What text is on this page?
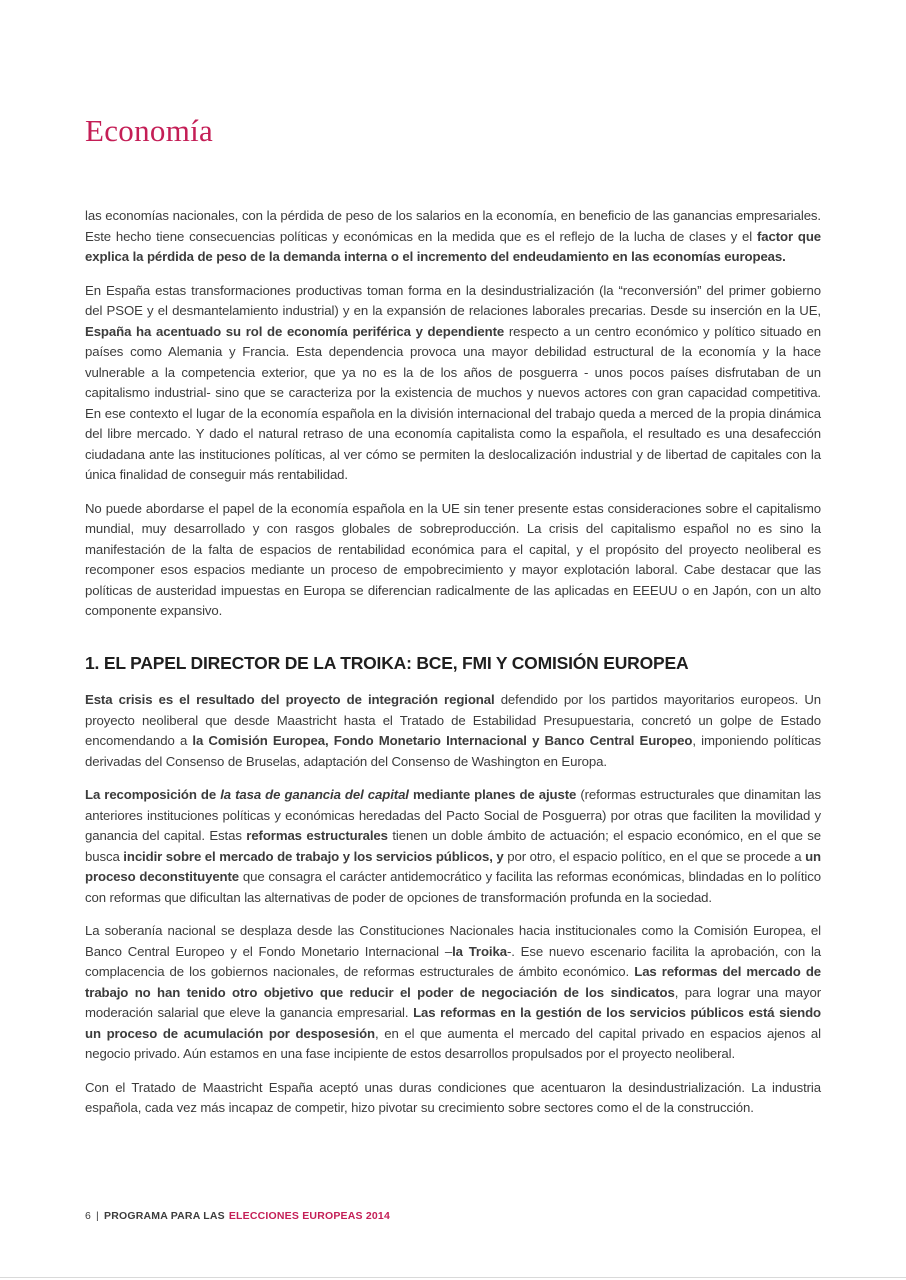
Economía

las economías nacionales, con la pérdida de peso de los salarios en la economía, en beneficio de las ganancias empresariales. Este hecho tiene consecuencias políticas y económicas en la medida que es el reflejo de la lucha de clases y el factor que explica la pérdida de peso de la demanda interna o el incremento del endeudamiento en las economías europeas.

En España estas transformaciones productivas toman forma en la desindustrialización (la “reconversión” del primer gobierno del PSOE y el desmantelamiento industrial) y en la expansión de relaciones laborales precarias. Desde su inserción en la UE, España ha acentuado su rol de economía periférica y dependiente respecto a un centro económico y político situado en países como Alemania y Francia. Esta dependencia provoca una mayor debilidad estructural de la economía y la hace vulnerable a la competencia exterior, que ya no es la de los años de posguerra - unos pocos países disfrutaban de un capitalismo industrial- sino que se caracteriza por la existencia de muchos y nuevos actores con gran capacidad competitiva. En ese contexto el lugar de la economía española en la división internacional del trabajo queda a merced de la propia dinámica del libre mercado. Y dado el natural retraso de una economía capitalista como la española, el resultado es una desafección ciudadana ante las instituciones políticas, al ver cómo se permiten la deslocalización industrial y de libertad de capitales con la única finalidad de conseguir más rentabilidad.

No puede abordarse el papel de la economía española en la UE sin tener presente estas consideraciones sobre el capitalismo mundial, muy desarrollado y con rasgos globales de sobreproducción. La crisis del capitalismo español no es sino la manifestación de la falta de espacios de rentabilidad económica para el capital, y el propósito del proyecto neoliberal es recomponer esos espacios mediante un proceso de empobrecimiento y mayor explotación laboral. Cabe destacar que las políticas de austeridad impuestas en Europa se diferencian radicalmente de las aplicadas en EEEUU o en Japón, con un alto componente expansivo.

1. EL PAPEL DIRECTOR DE LA TROIKA: BCE, FMI Y COMISIÓN EUROPEA

Esta crisis es el resultado del proyecto de integración regional defendido por los partidos mayoritarios europeos. Un proyecto neoliberal que desde Maastricht hasta el Tratado de Estabilidad Presupuestaria, concretó un golpe de Estado encomendando a la Comisión Europea, Fondo Monetario Internacional y Banco Central Europeo, imponiendo políticas derivadas del Consenso de Bruselas, adaptación del Consenso de Washington en Europa.

La recomposición de la tasa de ganancia del capital mediante planes de ajuste (reformas estructurales que dinamitan las anteriores instituciones políticas y económicas heredadas del Pacto Social de Posguerra) por otras que faciliten la movilidad y ganancia del capital. Estas reformas estructurales tienen un doble ámbito de actuación; el espacio económico, en el que se busca incidir sobre el mercado de trabajo y los servicios públicos, y por otro, el espacio político, en el que se procede a un proceso deconstituyente que consagra el carácter antidemocrático y facilita las reformas económicas, blindadas en lo político con reformas que dificultan las alternativas de poder de opciones de transformación profunda en la sociedad.

La soberanía nacional se desplaza desde las Constituciones Nacionales hacia institucionales como la Comisión Europea, el Banco Central Europeo y el Fondo Monetario Internacional –la Troika-. Ese nuevo escenario facilita la aprobación, con la complacencia de los gobiernos nacionales, de reformas estructurales de ámbito económico. Las reformas del mercado de trabajo no han tenido otro objetivo que reducir el poder de negociación de los sindicatos, para lograr una mayor moderación salarial que eleve la ganancia empresarial. Las reformas en la gestión de los servicios públicos está siendo un proceso de acumulación por desposesión, en el que aumenta el mercado del capital privado en espacios ajenos al negocio privado. Aún estamos en una fase incipiente de estos desarrollos propulsados por el proyecto neoliberal.

Con el Tratado de Maastricht España aceptó unas duras condiciones que acentuaron la desindustrialización. La industria española, cada vez más incapaz de competir, hizo pivotar su crecimiento sobre sectores como el de la construcción.

6 | PROGRAMA PARA LAS ELECCIONES EUROPEAS 2014
